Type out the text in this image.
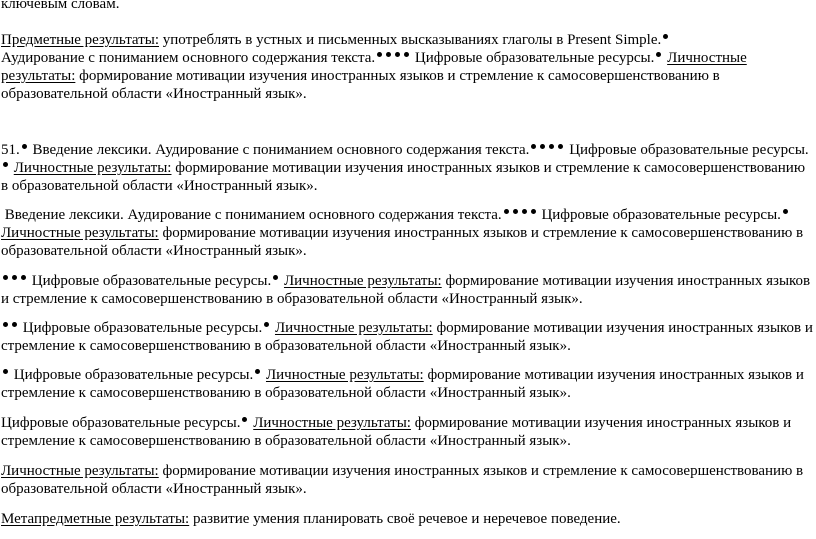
ключевым словам.

Предметные результаты: употреблять в устных и письменных высказываниях глаголы в Present Simple.
Аудирование с пониманием основного содержания текста.	Цифровые образовательные ресурсы. Личностные результаты: формирование мотивации изучения иностранных языков и стремление к самосовершенствованию в образовательной области «Иностранный язык».

51. Введение лексики. Аудирование с пониманием основного содержания текста.	Цифровые образовательные ресурсы. Личностные результаты: формирование мотивации изучения иностранных языков и стремление к самосовершенствованию в образовательной области «Иностранный язык».

Введение лексики. Аудирование с пониманием основного содержания текста.	Цифровые образовательные ресурсы. Личностные результаты: формирование мотивации изучения иностранных языков и стремление к самосовершенствованию в образовательной области «Иностранный язык».

Цифровые образовательные ресурсы. Личностные результаты: формирование мотивации изучения иностранных языков и стремление к самосовершенствованию в образовательной области «Иностранный язык».

Цифровые образовательные ресурсы. Личностные результаты: формирование мотивации изучения иностранных языков и стремление к самосовершенствованию в образовательной области «Иностранный язык».

Цифровые образовательные ресурсы. Личностные результаты: формирование мотивации изучения иностранных языков и стремление к самосовершенствованию в образовательной области «Иностранный язык».

Цифровые образовательные ресурсы. Личностные результаты: формирование мотивации изучения иностранных языков и стремление к самосовершенствованию в образовательной области «Иностранный язык».

Личностные результаты: формирование мотивации изучения иностранных языков и стремление к самосовершенствованию в образовательной области «Иностранный язык».

Метапредметные результаты: развитие умения планировать своё речевое и неречевое поведение.
